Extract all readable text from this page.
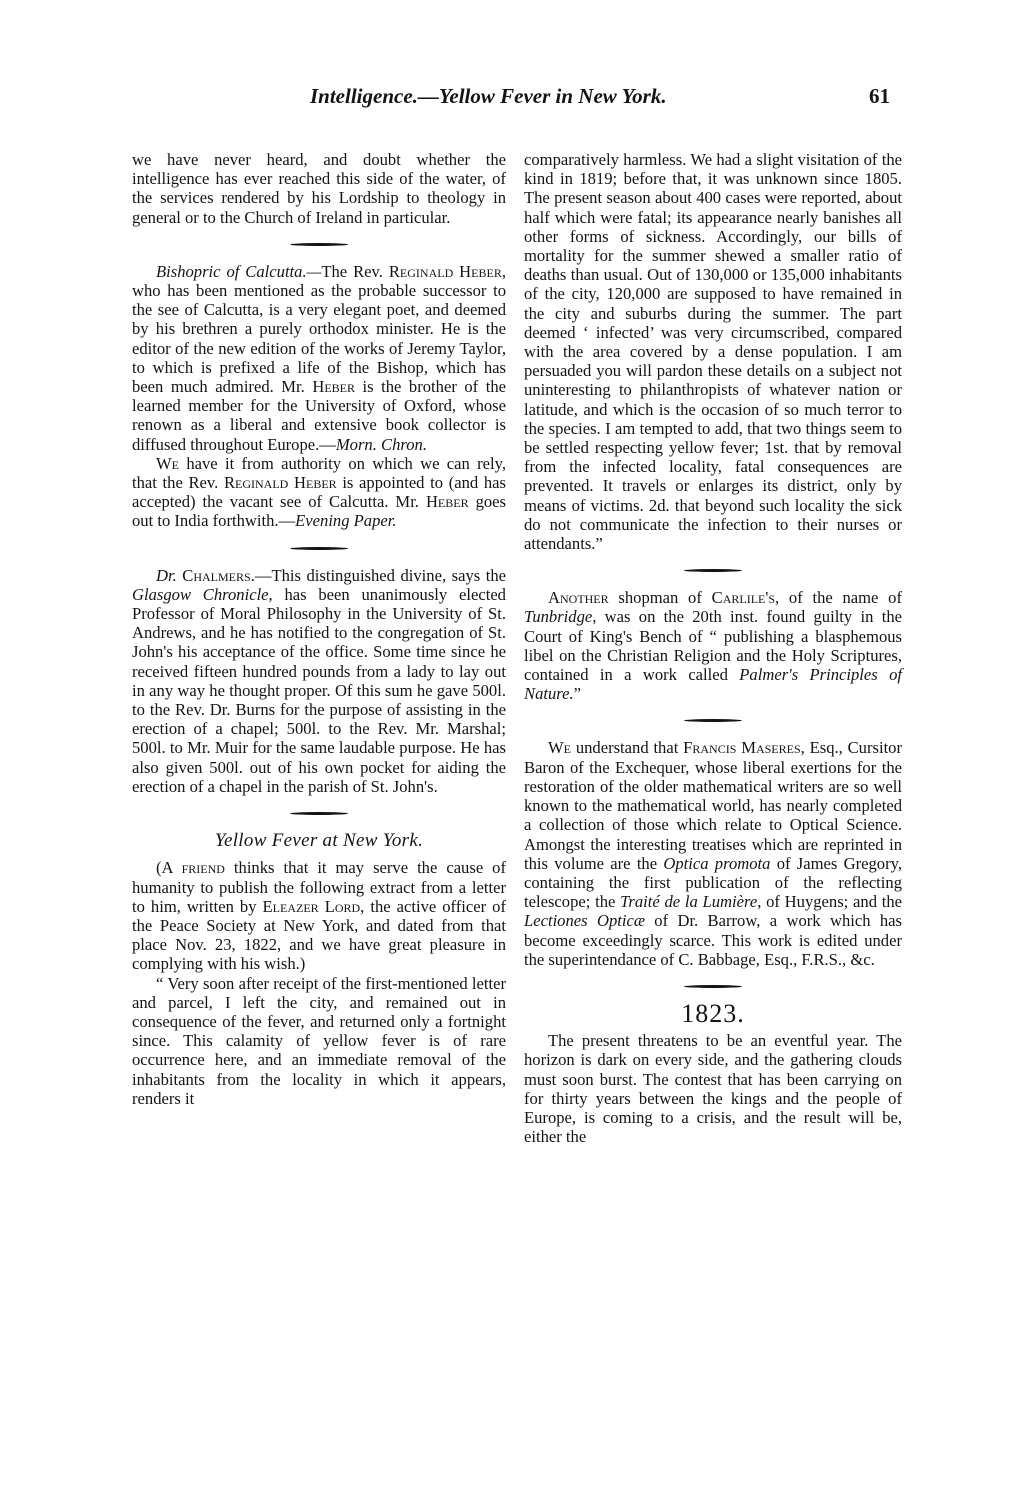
Intelligence.—Yellow Fever in New York.	61

we have never heard, and doubt whether the intelligence has ever reached this side of the water, of the services rendered by his Lordship to theology in general or to the Church of Ireland in particular.

Bishopric of Calcutta.—The Rev. Reginald Heber, who has been mentioned as the probable successor to the see of Calcutta, is a very elegant poet, and deemed by his brethren a purely orthodox minister. He is the editor of the new edition of the works of Jeremy Taylor, to which is prefixed a life of the Bishop, which has been much admired. Mr. Heber is the brother of the learned member for the University of Oxford, whose renown as a liberal and extensive book collector is diffused throughout Europe.—Morn. Chron.

We have it from authority on which we can rely, that the Rev. Reginald Heber is appointed to (and has accepted) the vacant see of Calcutta. Mr. Heber goes out to India forthwith.—Evening Paper.

Dr. Chalmers.—This distinguished divine, says the Glasgow Chronicle, has been unanimously elected Professor of Moral Philosophy in the University of St. Andrews, and he has notified to the congregation of St. John's his acceptance of the office. Some time since he received fifteen hundred pounds from a lady to lay out in any way he thought proper. Of this sum he gave 500l. to the Rev. Dr. Burns for the purpose of assisting in the erection of a chapel; 500l. to the Rev. Mr. Marshal; 500l. to Mr. Muir for the same laudable purpose. He has also given 500l. out of his own pocket for aiding the erection of a chapel in the parish of St. John's.

Yellow Fever at New York.

(A friend thinks that it may serve the cause of humanity to publish the following extract from a letter to him, written by Eleazer Lord, the active officer of the Peace Society at New York, and dated from that place Nov. 23, 1822, and we have great pleasure in complying with his wish.)

“ Very soon after receipt of the first-mentioned letter and parcel, I left the city, and remained out in consequence of the fever, and returned only a fortnight since. This calamity of yellow fever is of rare occurrence here, and an immediate removal of the inhabitants from the locality in which it appears, renders it

comparatively harmless. We had a slight visitation of the kind in 1819; before that, it was unknown since 1805. The present season about 400 cases were reported, about half which were fatal; its appearance nearly banishes all other forms of sickness. Accordingly, our bills of mortality for the summer shewed a smaller ratio of deaths than usual. Out of 130,000 or 135,000 inhabitants of the city, 120,000 are supposed to have remained in the city and suburbs during the summer. The part deemed ‘ infected’ was very circumscribed, compared with the area covered by a dense population. I am persuaded you will pardon these details on a subject not uninteresting to philanthropists of whatever nation or latitude, and which is the occasion of so much terror to the species. I am tempted to add, that two things seem to be settled respecting yellow fever; 1st. that by removal from the infected locality, fatal consequences are prevented. It travels or enlarges its district, only by means of victims. 2d. that beyond such locality the sick do not communicate the infection to their nurses or attendants.”

Another shopman of Carlile's, of the name of Tunbridge, was on the 20th inst. found guilty in the Court of King's Bench of “ publishing a blasphemous libel on the Christian Religion and the Holy Scriptures, contained in a work called Palmer's Principles of Nature.”

We understand that Francis Maseres, Esq., Cursitor Baron of the Exchequer, whose liberal exertions for the restoration of the older mathematical writers are so well known to the mathematical world, has nearly completed a collection of those which relate to Optical Science. Amongst the interesting treatises which are reprinted in this volume are the Optica promota of James Gregory, containing the first publication of the reflecting telescope; the Traité de la Lumière, of Huygens; and the Lectiones Opticæ of Dr. Barrow, a work which has become exceedingly scarce. This work is edited under the superintendance of C. Babbage, Esq., F.R.S., &c.

1823.

The present threatens to be an eventful year. The horizon is dark on every side, and the gathering clouds must soon burst. The contest that has been carrying on for thirty years between the kings and the people of Europe, is coming to a crisis, and the result will be, either the
